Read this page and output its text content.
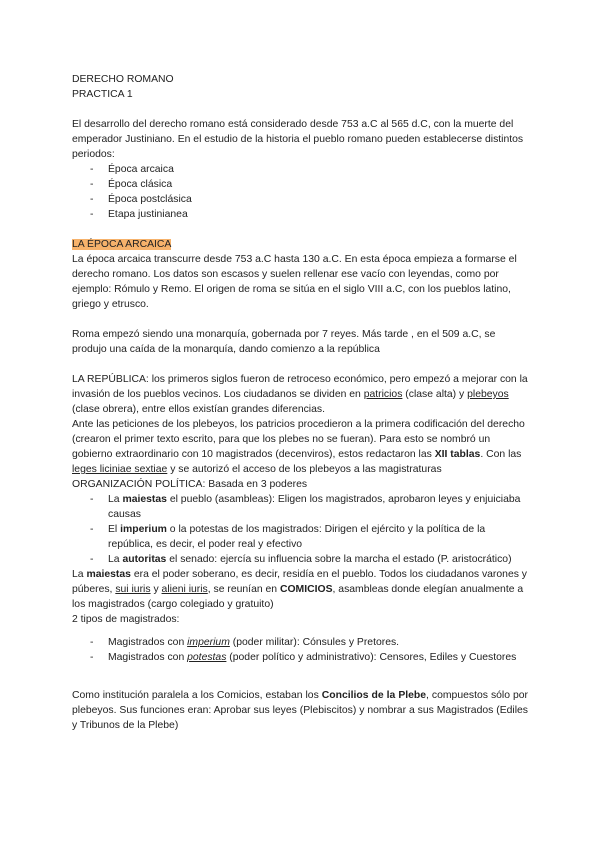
DERECHO ROMANO

PRACTICA 1

El desarrollo del derecho romano está considerado desde 753 a.C al 565 d.C, con la muerte del emperador Justiniano. En el estudio de la historia el pueblo romano pueden establecerse distintos periodos:

- Época arcaica
- Época clásica
- Época postclásica
- Etapa justinianea

LA ÉPOCA ARCAICA

La época arcaica transcurre desde 753 a.C hasta 130 a.C. En esta época empieza a formarse el derecho romano. Los datos son escasos y suelen rellenar ese vacío con leyendas, como por ejemplo: Rómulo y Remo. El origen de roma se sitúa en el siglo VIII a.C, con los pueblos latino, griego y etrusco.

Roma empezó siendo una monarquía, gobernada por 7 reyes. Más tarde , en el 509 a.C, se produjo una caída de la monarquía, dando comienzo a la república

LA REPÚBLICA: los primeros siglos fueron de retroceso económico, pero empezó a mejorar con la invasión de los pueblos vecinos. Los ciudadanos se dividen en patricios (clase alta) y plebeyos (clase obrera), entre ellos existían grandes diferencias.

Ante las peticiones de los plebeyos, los patricios procedieron a la primera codificación del derecho (crearon el primer texto escrito, para que los plebes no se fueran). Para esto se nombró un gobierno extraordinario con 10 magistrados (decenviros), estos redactaron las XII tablas. Con las leges liciniae sextiae y se autorizó el acceso de los plebeyos a las magistraturas

ORGANIZACIÓN POLÍTICA: Basada en 3 poderes

- La maiestas el pueblo (asambleas): Eligen los magistrados, aprobaron leyes y enjuiciaba causas
- El imperium o la potestas de los magistrados: Dirigen el ejército y la política de la república, es decir, el poder real y efectivo
- La autoritas el senado: ejercía su influencia sobre la marcha el estado (P. aristocrático)

La maiestas era el poder soberano, es decir, residía en el pueblo. Todos los ciudadanos varones y púberes, sui iuris y alieni iuris, se reunían en COMICIOS, asambleas donde elegían anualmente a los magistrados (cargo colegiado y gratuito)

2 tipos de magistrados:

- Magistrados con imperium (poder militar): Cónsules y Pretores.
- Magistrados con potestas (poder político y administrativo): Censores, Ediles y Cuestores

Como institución paralela a los Comicios, estaban los Concilios de la Plebe, compuestos sólo por plebeyos. Sus funciones eran: Aprobar sus leyes (Plebiscitos) y nombrar a sus Magistrados (Ediles y Tribunos de la Plebe)
